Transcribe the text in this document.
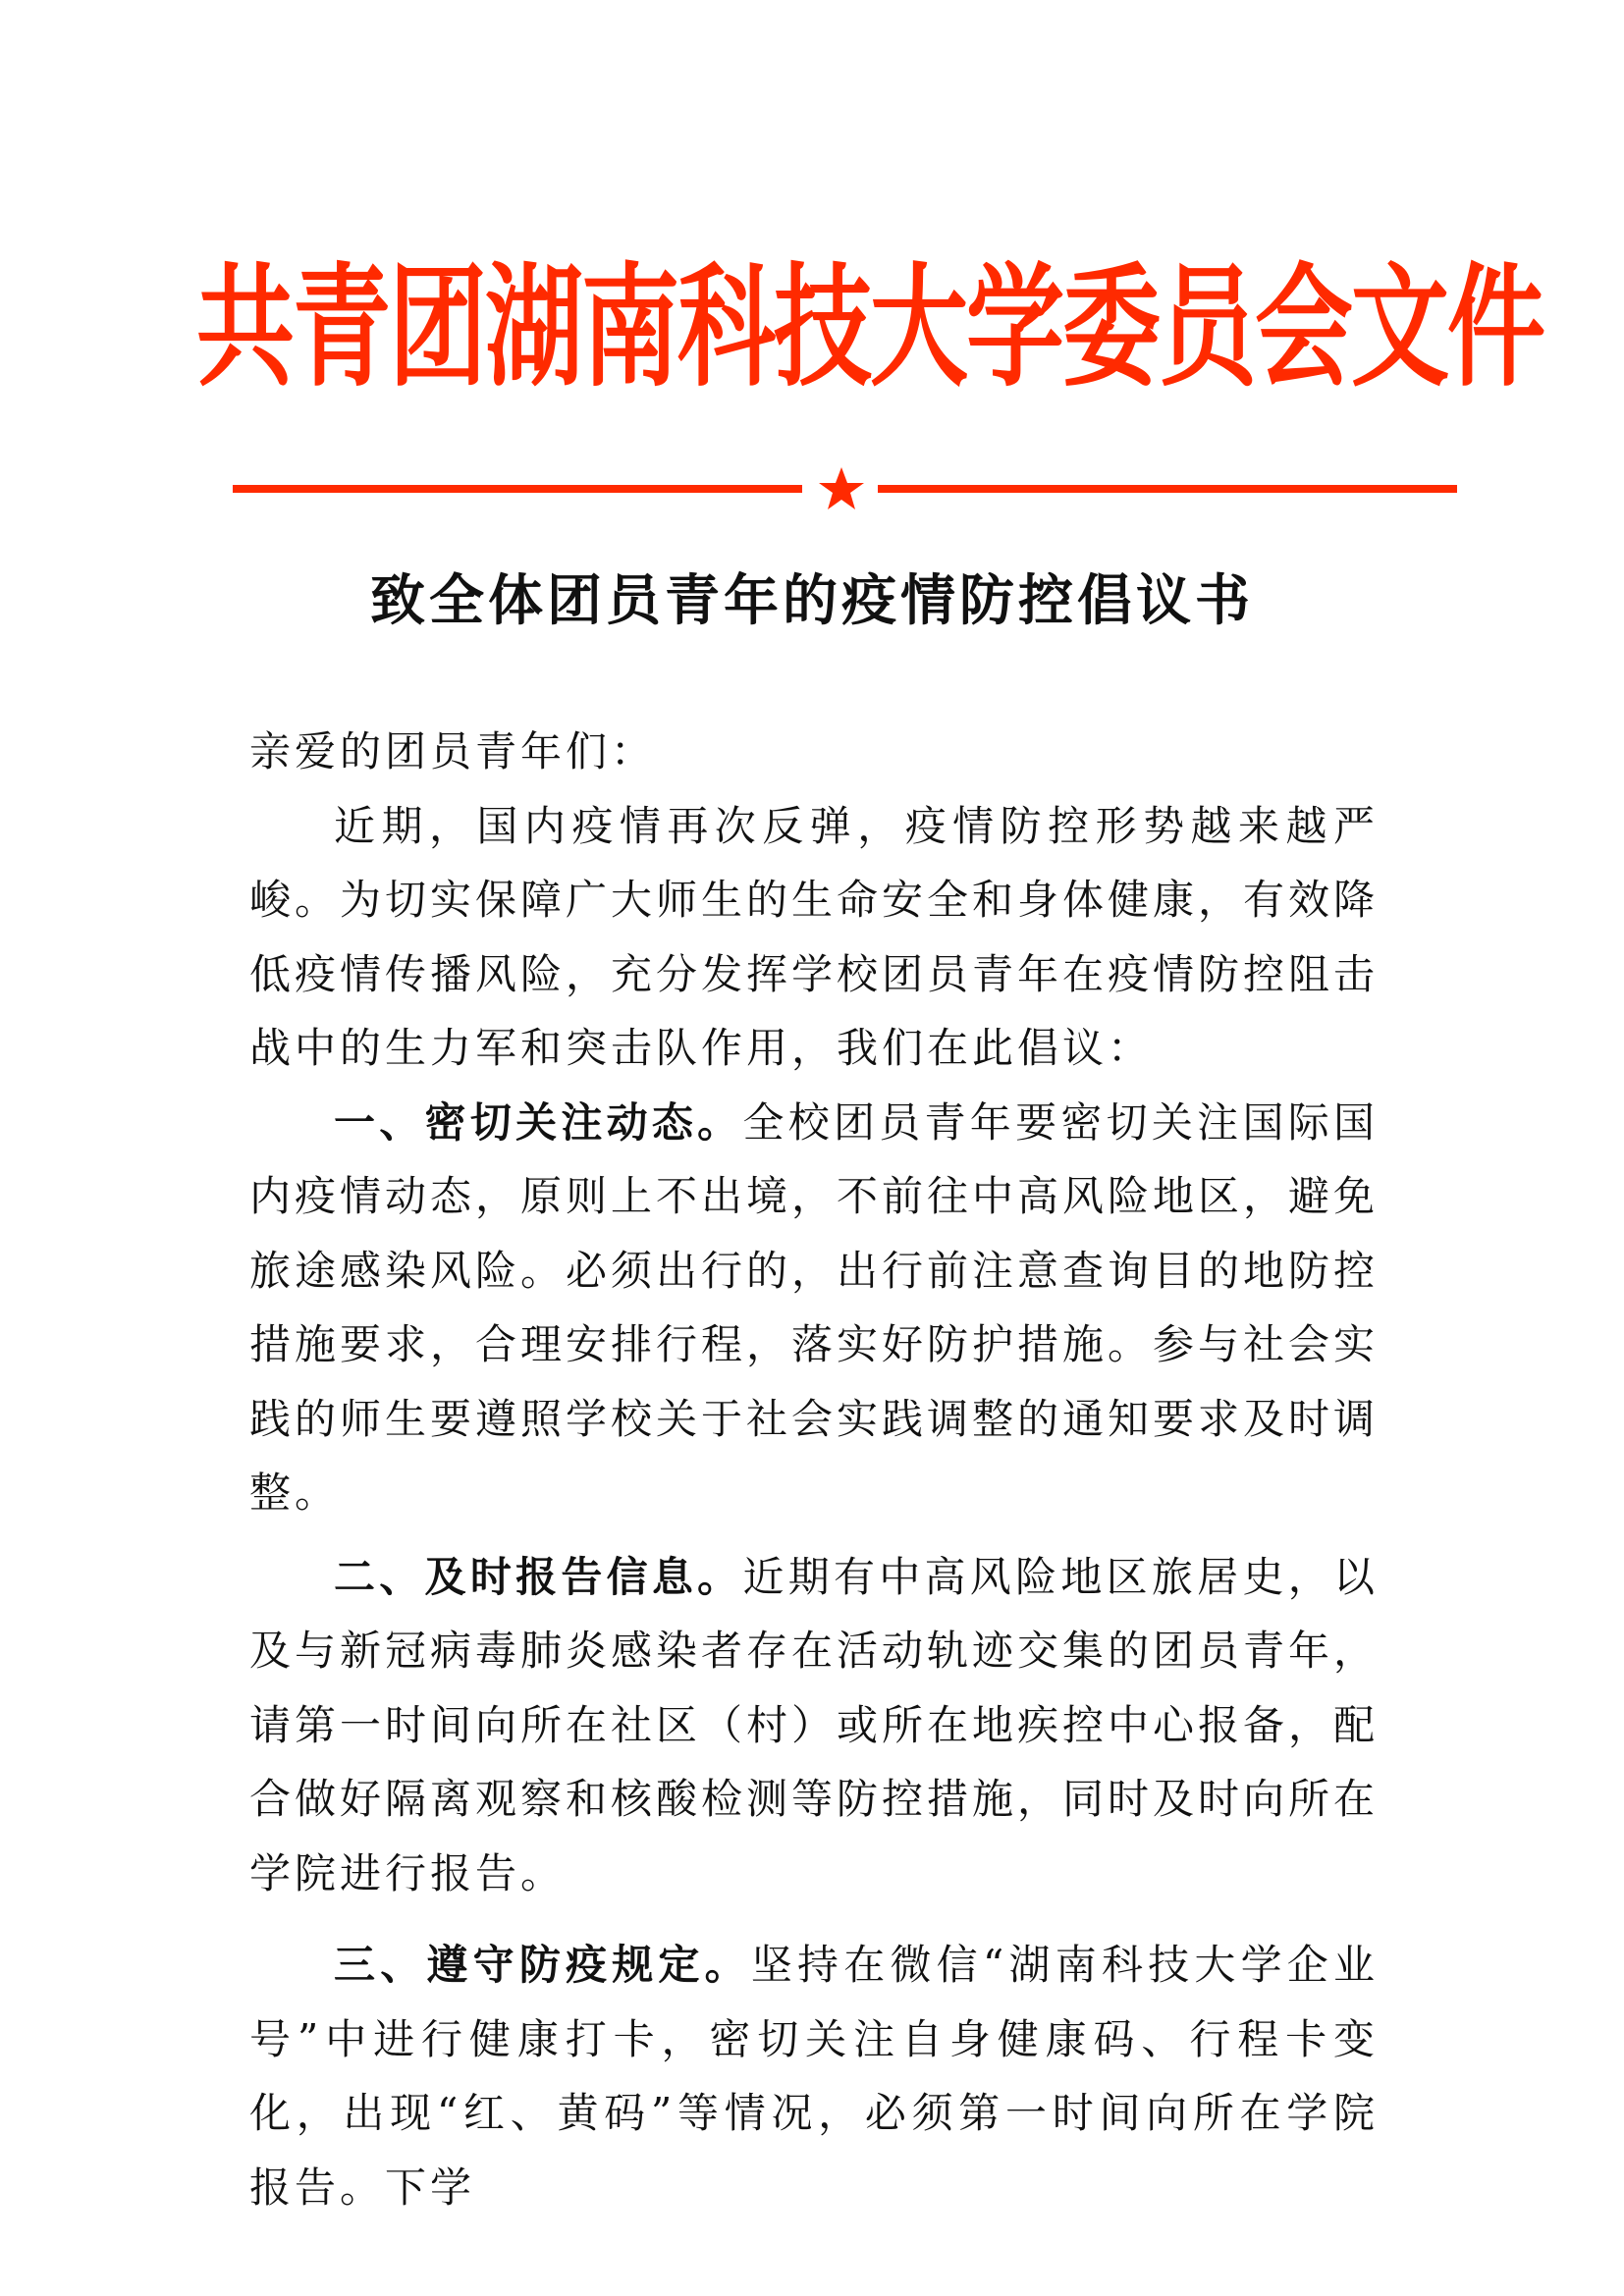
共青团湖南科技大学委员会文件
致全体团员青年的疫情防控倡议书

亲爱的团员青年们：

近期，国内疫情再次反弹，疫情防控形势越来越严峻。为切实保障广大师生的生命安全和身体健康，有效降低疫情传播风险，充分发挥学校团员青年在疫情防控阻击战中的生力军和突击队作用，我们在此倡议：

一、密切关注动态。全校团员青年要密切关注国际国内疫情动态，原则上不出境，不前往中高风险地区，避免旅途感染风险。必须出行的，出行前注意查询目的地防控措施要求，合理安排行程，落实好防护措施。参与社会实践的师生要遵照学校关于社会实践调整的通知要求及时调整。

二、及时报告信息。近期有中高风险地区旅居史，以及与新冠病毒肺炎感染者存在活动轨迹交集的团员青年，请第一时间向所在社区（村）或所在地疾控中心报备，配合做好隔离观察和核酸检测等防控措施，同时及时向所在学院进行报告。

三、遵守防疫规定。坚持在微信“湖南科技大学企业号”中进行健康打卡，密切关注自身健康码、行程卡变化，出现“红、黄码”等情况，必须第一时间向所在学院报告。下学
